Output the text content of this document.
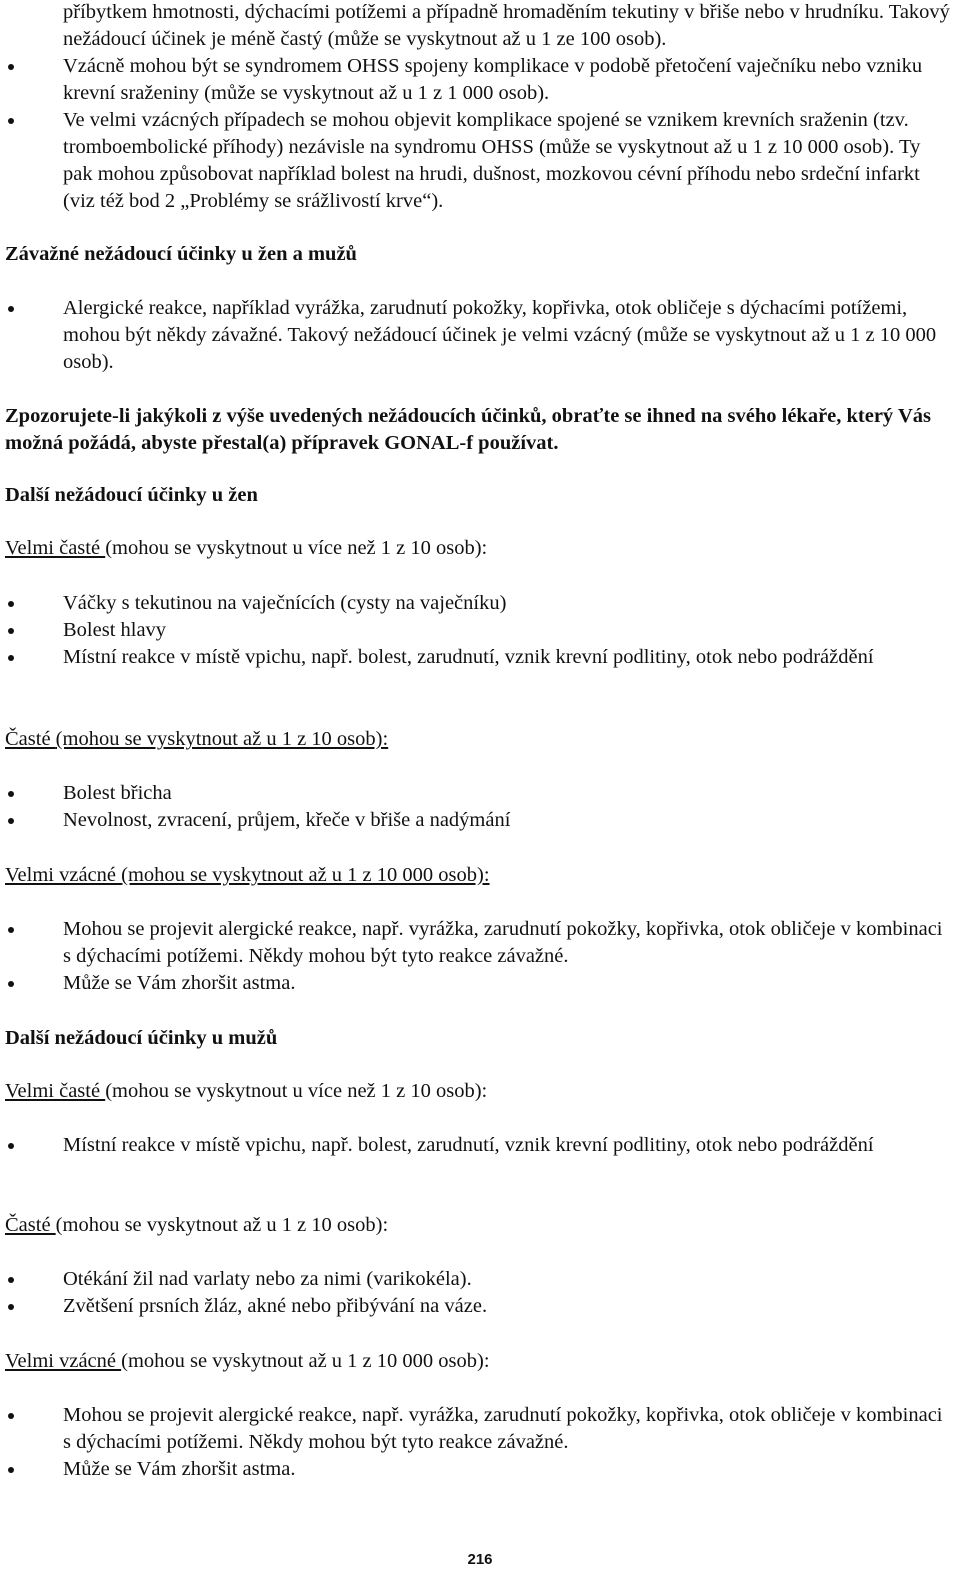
příbytkem hmotnosti, dýchacími potížemi a případně hromaděním tekutiny v břiše nebo v hrudníku. Takový nežádoucí účinek je méně častý (může se vyskytnout až u 1 ze 100 osob).

Vzácně mohou být se syndromem OHSS spojeny komplikace v podobě přetočení vaječníku nebo vzniku krevní sraženiny (může se vyskytnout až u 1 z 1 000 osob).

Ve velmi vzácných případech se mohou objevit komplikace spojené se vznikem krevních sraženin (tzv. tromboembolické příhody) nezávisle na syndromu OHSS (může se vyskytnout až u 1 z 10 000 osob). Ty pak mohou způsobovat například bolest na hrudi, dušnost, mozkovou cévní příhodu nebo srdeční infarkt (viz též bod 2 „Problémy se srážlivostí krve“).

Závažné nežádoucí účinky u žen a mužů

Alergické reakce, například vyrážka, zarudnutí pokožky, kopřivka, otok obličeje s dýchacími potížemi, mohou být někdy závažné. Takový nežádoucí účinek je velmi vzácný (může se vyskytnout až u 1 z 10 000 osob).

Zpozorujete-li jakýkoli z výše uvedených nežádoucích účinků, obraťte se ihned na svého lékaře, který Vás možná požádá, abyste přestal(a) přípravek GONAL-f používat.

Další nežádoucí účinky u žen

Velmi časté (mohou se vyskytnout u více než 1 z 10 osob):

Váčky s tekutinou na vaječnících (cysty na vaječníku)

Bolest hlavy

Místní reakce v místě vpichu, např. bolest, zarudnutí, vznik krevní podlitiny, otok nebo podráždění

Časté (mohou se vyskytnout až u 1 z 10 osob):

Bolest břicha

Nevolnost, zvracení, průjem, křeče v břiše a nadýmání

Velmi vzácné (mohou se vyskytnout až u 1 z 10 000 osob):

Mohou se projevit alergické reakce, např. vyrážka, zarudnutí pokožky, kopřivka, otok obličeje v kombinaci s dýchacími potížemi. Někdy mohou být tyto reakce závažné.

Může se Vám zhoršit astma.

Další nežádoucí účinky u mužů

Velmi časté (mohou se vyskytnout u více než 1 z 10 osob):

Místní reakce v místě vpichu, např. bolest, zarudnutí, vznik krevní podlitiny, otok nebo podráždění

Časté (mohou se vyskytnout až u 1 z 10 osob):

Otékání žil nad varlaty nebo za nimi (varikokéla).

Zvětšení prsních žláz, akné nebo přibývání na váze.

Velmi vzácné (mohou se vyskytnout až u 1 z 10 000 osob):

Mohou se projevit alergické reakce, např. vyrážka, zarudnutí pokožky, kopřivka, otok obličeje v kombinaci s dýchacími potížemi. Někdy mohou být tyto reakce závažné.

Může se Vám zhoršit astma.

216
